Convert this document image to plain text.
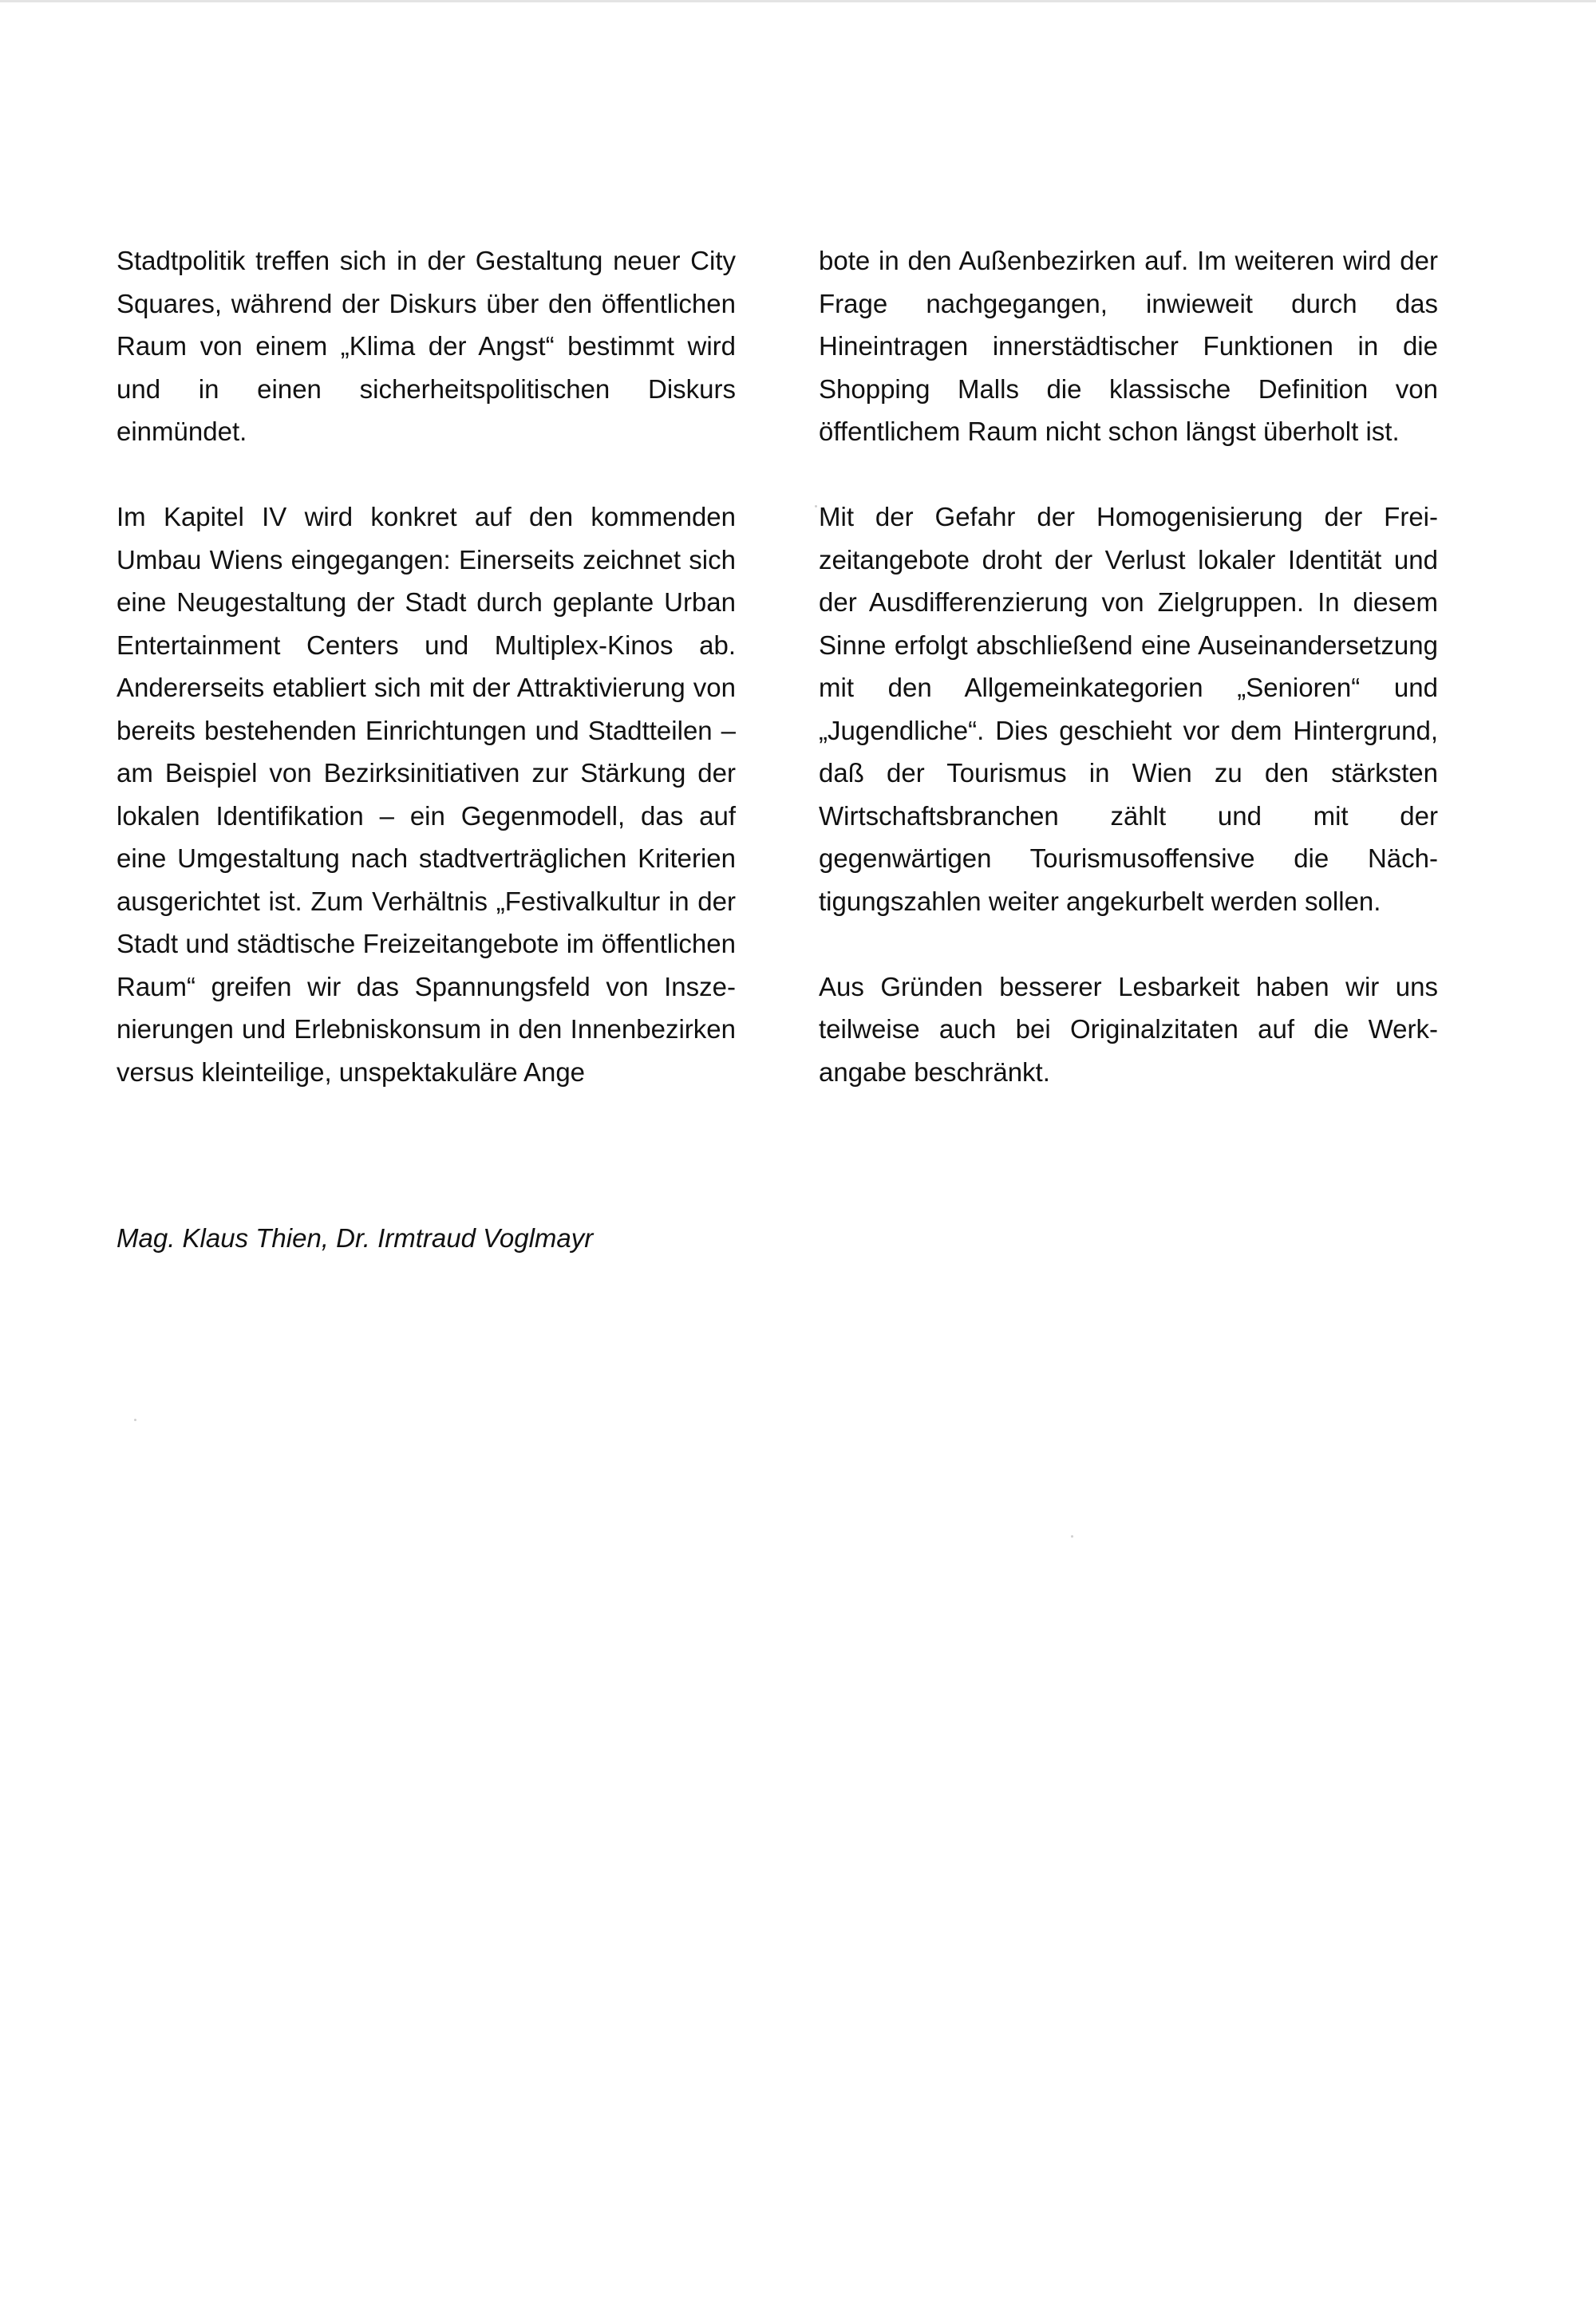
Stadtpolitik treffen sich in der Gestaltung neuer City Squares, während der Diskurs über den öffentlichen Raum von einem „Klima der Angst“ bestimmt wird und in einen sicherheitspolitischen Diskurs einmündet.

Im Kapitel IV wird konkret auf den kommenden Umbau Wiens eingegangen: Einerseits zeichnet sich eine Neugestaltung der Stadt durch geplante Urban Entertainment Centers und Multiplex-Kinos ab. Andererseits etabliert sich mit der Attraktivierung von bereits bestehenden Einrichtungen und Stadtteilen – am Beispiel von Bezirksinitiativen zur Stärkung der lokalen Identifikation – ein Gegenmodell, das auf eine Umgestaltung nach stadtverträglichen Kriterien ausgerichtet ist. Zum Verhältnis „Festivalkultur in der Stadt und städtische Freizeitangebote im öffentlichen Raum“ greifen wir das Spannungsfeld von Inszenierungen und Erlebniskonsum in den Innenbezirken versus kleinteilige, unspektakuläre Ange

bote in den Außenbezirken auf. Im weiteren wird der Frage nachgegangen, inwieweit durch das Hineintragen innerstädtischer Funktionen in die Shopping Malls die klassische Definition von öffentlichem Raum nicht schon längst überholt ist.

Mit der Gefahr der Homogenisierung der Freizeitangebote droht der Verlust lokaler Identität und der Ausdifferenzierung von Zielgruppen. In diesem Sinne erfolgt abschließend eine Auseinandersetzung mit den Allgemeinkategorien „Senioren“ und „Jugendliche“. Dies geschieht vor dem Hintergrund, daß der Tourismus in Wien zu den stärksten Wirtschaftsbranchen zählt und mit der gegenwärtigen Tourismusoffensive die Nächtigungszahlen weiter angekurbelt werden sollen.

Aus Gründen besserer Lesbarkeit haben wir uns teilweise auch bei Originalzitaten auf die Werkangabe beschränkt.

Mag. Klaus Thien, Dr. Irmtraud Voglmayr
